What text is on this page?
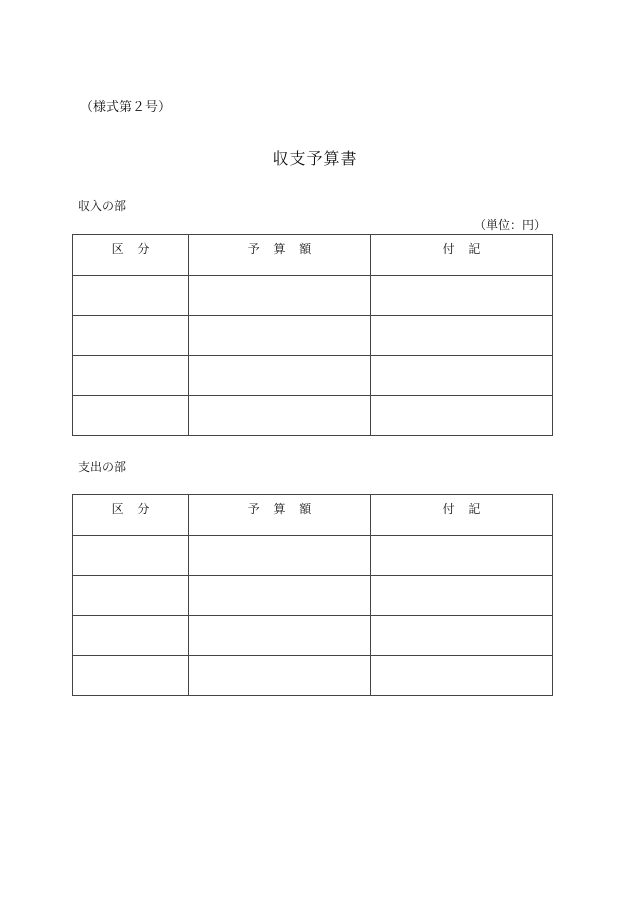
（様式第２号）
収支予算書
収入の部
（単位：円）
区 分	予 算 額	付 記

支出の部
区 分	予 算 額	付 記
